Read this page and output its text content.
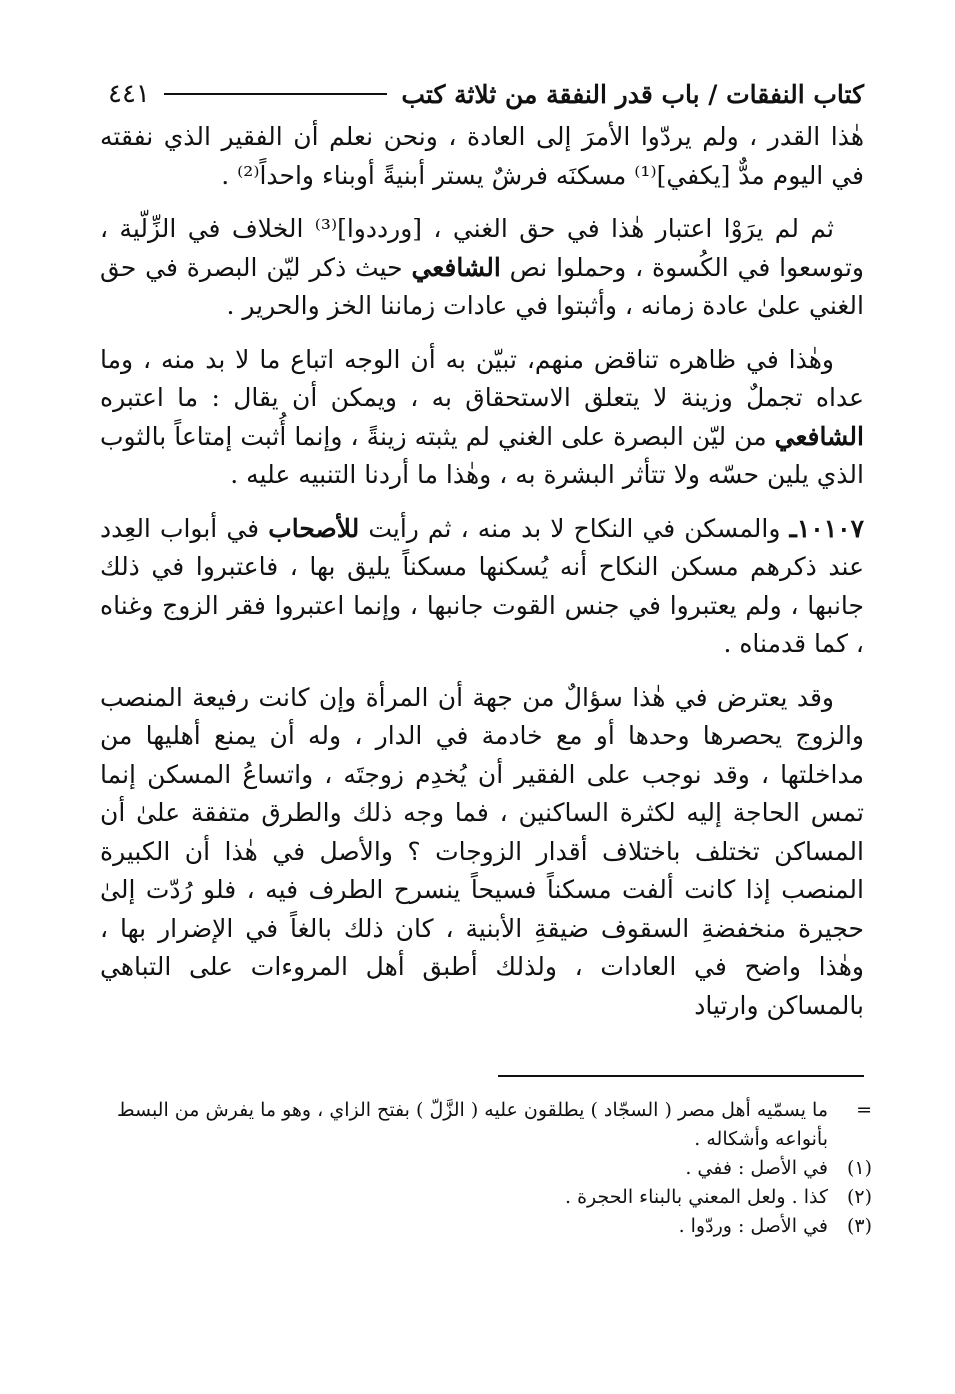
كتاب النفقات / باب قدر النفقة من ثلاثة كتب
٤٤١

هٰذا القدر ، ولم يردّوا الأمرَ إلى العادة ، ونحن نعلم أن الفقير الذي نفقته في اليوم مدٌّ [يكفي]⁽¹⁾ مسكنَه فرشٌ يستر أبنيةً أوبناء واحداً⁽²⁾ .

ثم لم يرَوْا اعتبار هٰذا في حق الغني ، [ورددوا]⁽³⁾ الخلاف في الزِّلّية ، وتوسعوا في الكُسوة ، وحملوا نص الشافعي حيث ذكر ليّن البصرة في حق الغني علىٰ عادة زمانه ، وأثبتوا في عادات زماننا الخز والحرير .

وهٰذا في ظاهره تناقض منهم، تبيّن به أن الوجه اتباع ما لا بد منه ، وما عداه تجملٌ وزينة لا يتعلق الاستحقاق به ، ويمكن أن يقال : ما اعتبره الشافعي من ليّن البصرة على الغني لم يثبته زينةً ، وإنما أُثبت إمتاعاً بالثوب الذي يلين حسّه ولا تتأثر البشرة به ، وهٰذا ما أردنا التنبيه عليه .

١٠١٠٧ـ والمسكن في النكاح لا بد منه ، ثم رأيت للأصحاب في أبواب العِدد عند ذكرهم مسكن النكاح أنه يُسكنها مسكناً يليق بها ، فاعتبروا في ذلك جانبها ، ولم يعتبروا في جنس القوت جانبها ، وإنما اعتبروا فقر الزوج وغناه ، كما قدمناه .

وقد يعترض في هٰذا سؤالٌ من جهة أن المرأة وإن كانت رفيعة المنصب والزوج يحصرها وحدها أو مع خادمة في الدار ، وله أن يمنع أهليها من مداخلتها ، وقد نوجب على الفقير أن يُخدِم زوجتَه ، واتساعُ المسكن إنما تمس الحاجة إليه لكثرة الساكنين ، فما وجه ذلك والطرق متفقة علىٰ أن المساكن تختلف باختلاف أقدار الزوجات ؟ والأصل في هٰذا أن الكبيرة المنصب إذا كانت ألفت مسكناً فسيحاً ينسرح الطرف فيه ، فلو رُدّت إلىٰ حجيرة منخفضةِ السقوف ضيقةِ الأبنية ، كان ذلك بالغاً في الإضرار بها ، وهٰذا واضح في العادات ، ولذلك أطبق أهل المروءات على التباهي بالمساكن وارتياد

=
ما يسمّيه أهل مصر ( السجّاد ) يطلقون عليه ( الزَّلّ ) بفتح الزاي ، وهو ما يفرش من البسط بأنواعه وأشكاله .
(١)
في الأصل : ففي .
(٢)
كذا . ولعل المعني بالبناء الحجرة .
(٣)
في الأصل : وردّوا .
